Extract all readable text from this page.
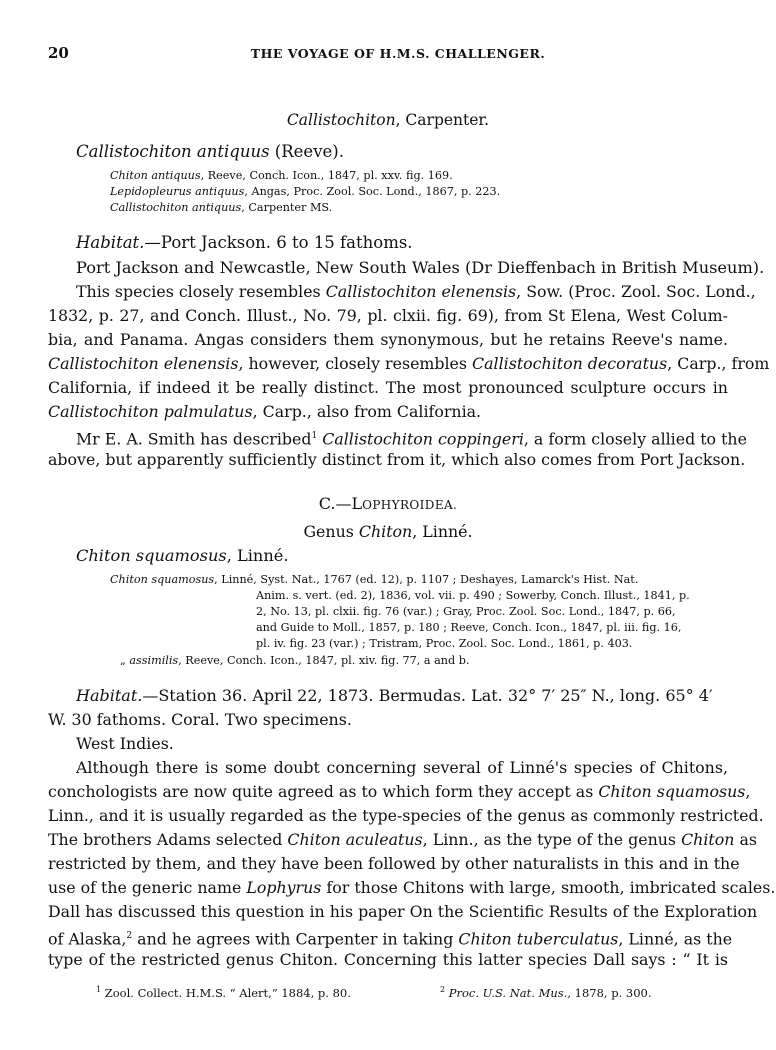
20	THE VOYAGE OF H.M.S. CHALLENGER.
Callistochiton, Carpenter.
Callistochiton antiquus (Reeve).
Chiton antiquus, Reeve, Conch. Icon., 1847, pl. xxv. fig. 169.
Lepidopleurus antiquus, Angas, Proc. Zool. Soc. Lond., 1867, p. 223.
Callistochiton antiquus, Carpenter MS.
Habitat.—Port Jackson. 6 to 15 fathoms.
Port Jackson and Newcastle, New South Wales (Dr Dieffenbach in British Museum).
This species closely resembles Callistochiton elenensis, Sow. (Proc. Zool. Soc. Lond.,
1832, p. 27, and Conch. Illust., No. 79, pl. clxii. fig. 69), from St Elena, West Colum-
bia, and Panama. Angas considers them synonymous, but he retains Reeve's name.
Callistochiton elenensis, however, closely resembles Callistochiton decoratus, Carp., from
California, if indeed it be really distinct. The most pronounced sculpture occurs in
Callistochiton palmulatus, Carp., also from California.
Mr E. A. Smith has described$^1$ Callistochiton coppingeri, a form closely allied to the
above, but apparently sufficiently distinct from it, which also comes from Port Jackson.
C.—LOPHYROIDEA.
Genus Chiton, Linné.
Chiton squamosus, Linné.
Chiton squamosus, Linné, Syst. Nat., 1767 (ed. 12), p. 1107 ; Deshayes, Lamarck's Hist. Nat.
Anim. s. vert. (ed. 2), 1836, vol. vii. p. 490 ; Sowerby, Conch. Illust., 1841, p.
2, No. 13, pl. clxii. fig. 76 (var.) ; Gray, Proc. Zool. Soc. Lond., 1847, p. 66,
and Guide to Moll., 1857, p. 180 ; Reeve, Conch. Icon., 1847, pl. iii. fig. 16,
pl. iv. fig. 23 (var.) ; Tristram, Proc. Zool. Soc. Lond., 1861, p. 403.
„ assimilis, Reeve, Conch. Icon., 1847, pl. xiv. fig. 77, a and b.
Habitat.—Station 36. April 22, 1873. Bermudas. Lat. 32° 7′ 25″ N., long. 65° 4′
W. 30 fathoms. Coral. Two specimens.
West Indies.
Although there is some doubt concerning several of Linné's species of Chitons,
conchologists are now quite agreed as to which form they accept as Chiton squamosus,
Linn., and it is usually regarded as the type-species of the genus as commonly restricted.
The brothers Adams selected Chiton aculeatus, Linn., as the type of the genus Chiton as
restricted by them, and they have been followed by other naturalists in this and in the
use of the generic name Lophyrus for those Chitons with large, smooth, imbricated scales.
Dall has discussed this question in his paper On the Scientific Results of the Exploration
of Alaska,$^2$ and he agrees with Carpenter in taking Chiton tuberculatus, Linné, as the
type of the restricted genus Chiton. Concerning this latter species Dall says : “ It is
$^1$ Zool. Collect. H.M.S. “ Alert,” 1884, p. 80.	$^2$ Proc. U.S. Nat. Mus., 1878, p. 300.
